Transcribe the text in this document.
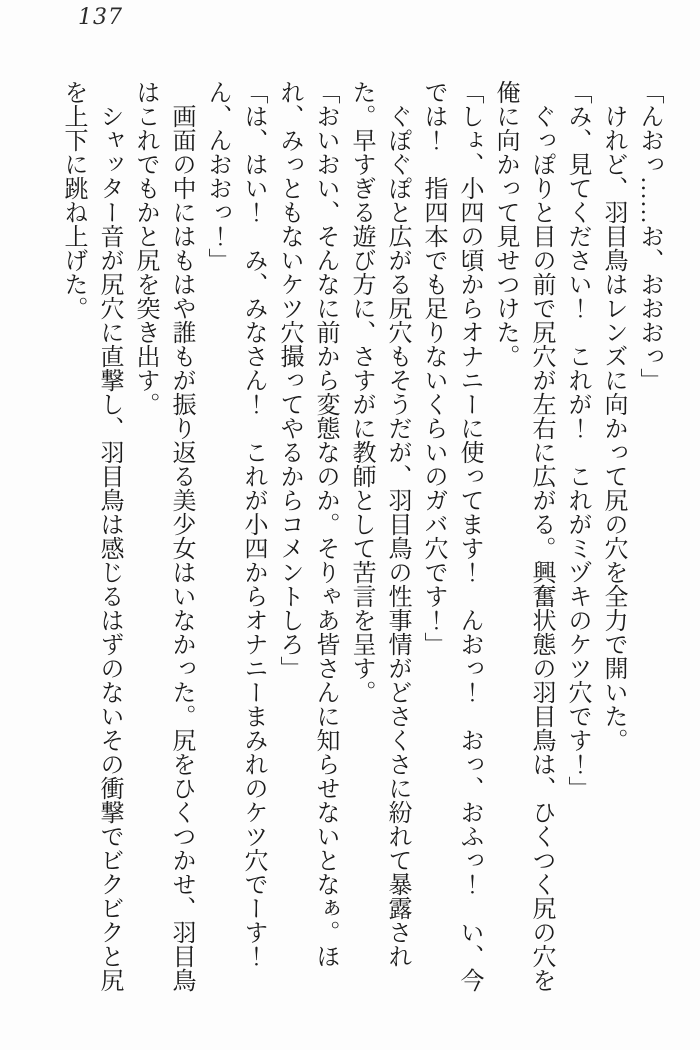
137

「んおっ……お、おおおっ」

　けれど、羽目鳥はレンズに向かって尻の穴を全力で開いた。

「み、見てください！　これが！　これがミヅキのケツ穴です！」

　ぐっぽりと目の前で尻穴が左右に広がる。興奮状態の羽目鳥は、ひくつく尻の穴を俺に向かって見せつけた。

「しょ、小四の頃からオナニーに使ってます！　んおっ！　おっ、おふっ！　い、今では！　指四本でも足りないくらいのガバ穴です！」

　ぐぽぐぽと広がる尻穴もそうだが、羽目鳥の性事情がどさくさに紛れて暴露された。早すぎる遊び方に、さすがに教師として苦言を呈す。

「おいおい、そんなに前から変態なのか。そりゃあ皆さんに知らせないとなぁ。ほれ、みっともないケツ穴撮ってやるからコメントしろ」

「は、はい！　み、みなさん！　これが小四からオナニーまみれのケツ穴でーす！　ん、んおおっ！」

　画面の中にはもはや誰もが振り返る美少女はいなかった。尻をひくつかせ、羽目鳥はこれでもかと尻を突き出す。

　シャッター音が尻穴に直撃し、羽目鳥は感じるはずのないその衝撃でビクビクと尻を上下に跳ね上げた。
